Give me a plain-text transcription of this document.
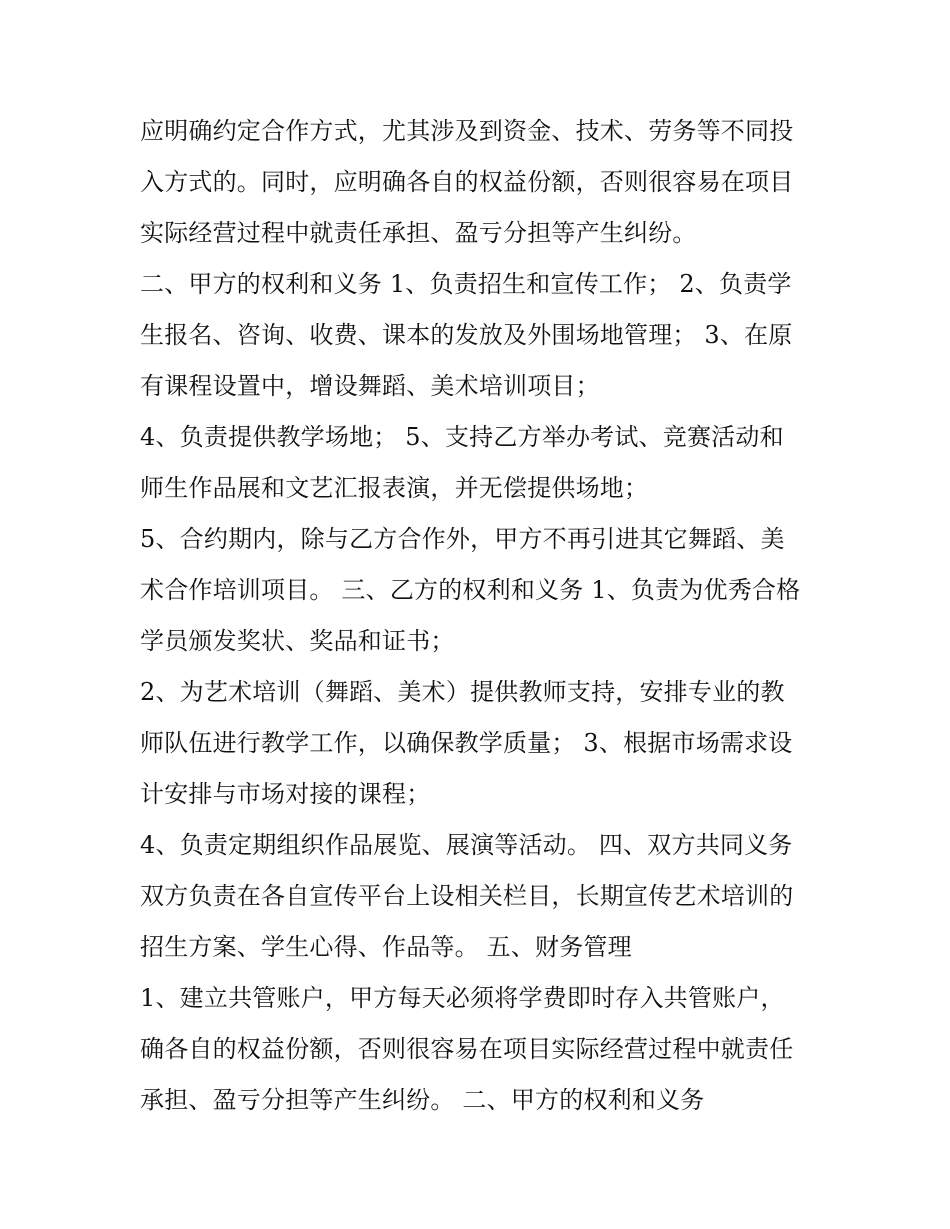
应明确约定合作方式，尤其涉及到资金、技术、劳务等不同投
入方式的。同时，应明确各自的权益份额，否则很容易在项目
实际经营过程中就责任承担、盈亏分担等产生纠纷。
二、甲方的权利和义务 1、负责招生和宣传工作； 2、负责学
生报名、咨询、收费、课本的发放及外围场地管理； 3、在原
有课程设置中，增设舞蹈、美术培训项目；
4、负责提供教学场地； 5、支持乙方举办考试、竞赛活动和
师生作品展和文艺汇报表演，并无偿提供场地；
5、合约期内，除与乙方合作外，甲方不再引进其它舞蹈、美
术合作培训项目。 三、乙方的权利和义务 1、负责为优秀合格
学员颁发奖状、奖品和证书；
2、为艺术培训（舞蹈、美术）提供教师支持，安排专业的教
师队伍进行教学工作，以确保教学质量； 3、根据市场需求设
计安排与市场对接的课程；
4、负责定期组织作品展览、展演等活动。 四、双方共同义务
双方负责在各自宣传平台上设相关栏目，长期宣传艺术培训的
招生方案、学生心得、作品等。 五、财务管理
1、建立共管账户，甲方每天必须将学费即时存入共管账户，
确各自的权益份额，否则很容易在项目实际经营过程中就责任
承担、盈亏分担等产生纠纷。 二、甲方的权利和义务
